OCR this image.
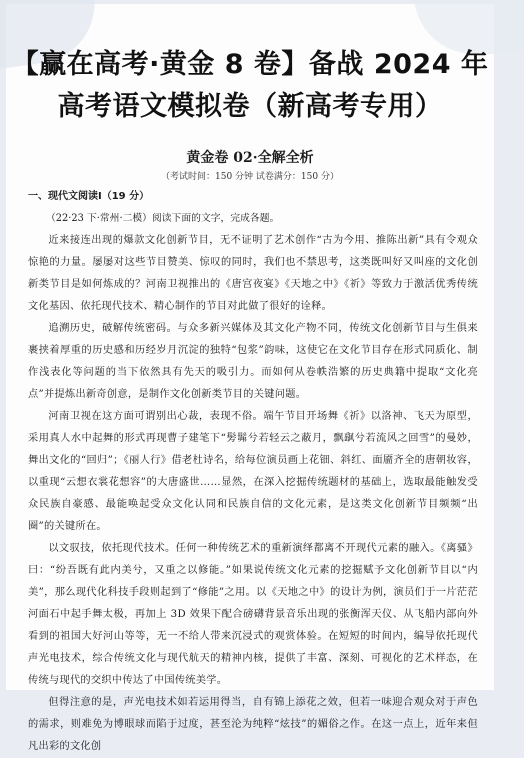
【赢在高考·黄金 8 卷】备战 2024 年
高考语文模拟卷（新高考专用）
黄金卷 02·全解全析
（考试时间：150 分钟 试卷满分：150 分）

一、现代文阅读Ⅰ（19 分）

（22·23 下·常州·二模）阅读下面的文字，完成各题。

近来接连出现的爆款文化创新节目，无不证明了艺术创作“古为今用、推陈出新”具有令观众惊艳的力量。屡屡对这些节目赞美、惊叹的同时，我们也不禁思考，这类既叫好又叫座的文化创新类节目是如何炼成的？河南卫视推出的《唐宫夜宴》《天地之中》《祈》等致力于激活优秀传统文化基因、依托现代技术、精心制作的节目对此做了很好的诠释。

追溯历史，破解传统密码。与众多新兴媒体及其文化产物不同，传统文化创新节目与生俱来裹挟着厚重的历史感和历经岁月沉淀的独特“包浆”韵味，这使它在文化节目存在形式同质化、制作浅表化等问题的当下依然具有先天的吸引力。而如何从卷帙浩繁的历史典籍中提取“文化亮点”并提炼出新奇创意，是制作文化创新类节目的关键问题。

河南卫视在这方面可谓别出心裁，表现不俗。端午节目开场舞《祈》以洛神、飞天为原型，采用真人水中起舞的形式再现曹子建笔下“髣髴兮若轻云之蔽月，飘飖兮若流风之回雪”的曼妙，舞出文化的“回归”；《丽人行》借老杜诗名，给每位演员画上花钿、斜红、面靥齐全的唐朝妆容，以重现“云想衣裳花想容”的大唐盛世……显然，在深入挖掘传统题材的基础上，选取最能触发受众民族自豪感、最能唤起受众文化认同和民族自信的文化元素，是这类文化创新节目频频“出圈”的关键所在。

以文驭技，依托现代技术。任何一种传统艺术的重新演绎都离不开现代元素的融入。《离骚》曰：“纷吾既有此内美兮，又重之以修能。”如果说传统文化元素的挖掘赋予文化创新节目以“内美”，那么现代化科技手段则起到了“修能”之用。以《天地之中》的设计为例，演员们于一片茫茫河面石中起手舞太极，再加上 3D 效果下配合磅礴背景音乐出现的张衡浑天仪、从飞船内部向外看到的祖国大好河山等等，无一不给人带来沉浸式的观赏体验。在短短的时间内，编导依托现代声光电技术，综合传统文化与现代航天的精神内核，提供了丰富、深刻、可视化的艺术样态，在传统与现代的交织中传达了中国传统美学。

但得注意的是，声光电技术如若运用得当，自有锦上添花之效，但若一味迎合观众对于声色的需求，则难免为博眼球而陷于过度，甚至沦为纯粹“炫技”的媚俗之作。在这一点上，近年来但凡出彩的文化创
